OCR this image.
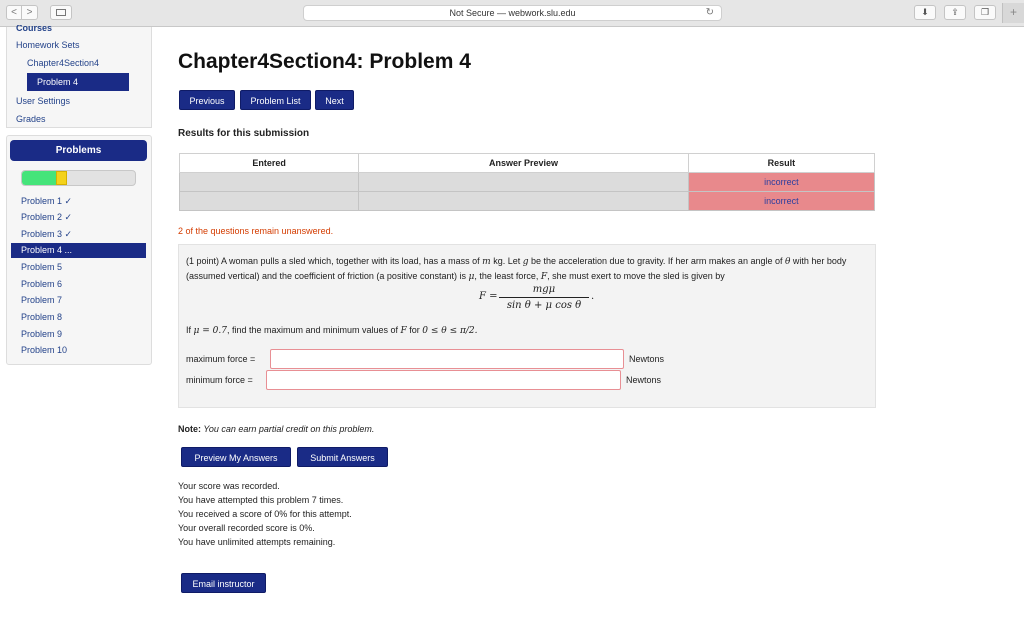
< >	Not Secure — webwork.slu.edu	↻	⬇	⇪	❐	+
Courses
Homework Sets
Chapter4Section4
Problem 4
User Settings
Grades
Problems
Problem 1 ✓
Problem 2 ✓
Problem 3 ✓
Problem 4 ...
Problem 5
Problem 6
Problem 7
Problem 8
Problem 9
Problem 10
Chapter4Section4: Problem 4
Previous	Problem List	Next
Results for this submission
Entered	Answer Preview	Result
		incorrect
		incorrect
2 of the questions remain unanswered.
(1 point) A woman pulls a sled which, together with its load, has a mass of m kg. Let g be the acceleration due to gravity. If her arm makes an angle of θ with her body (assumed vertical) and the coefficient of friction (a positive constant) is μ, the least force, F, she must exert to move the sled is given by
F =
mgμ
sin θ + μ cos θ
.
If μ = 0.7, find the maximum and minimum values of F for 0 ≤ θ ≤ π/2.
maximum force =	Newtons
minimum force =	Newtons
Note: You can earn partial credit on this problem.
Preview My Answers	Submit Answers
Your score was recorded.
You have attempted this problem 7 times.
You received a score of 0% for this attempt.
Your overall recorded score is 0%.
You have unlimited attempts remaining.
Email instructor
